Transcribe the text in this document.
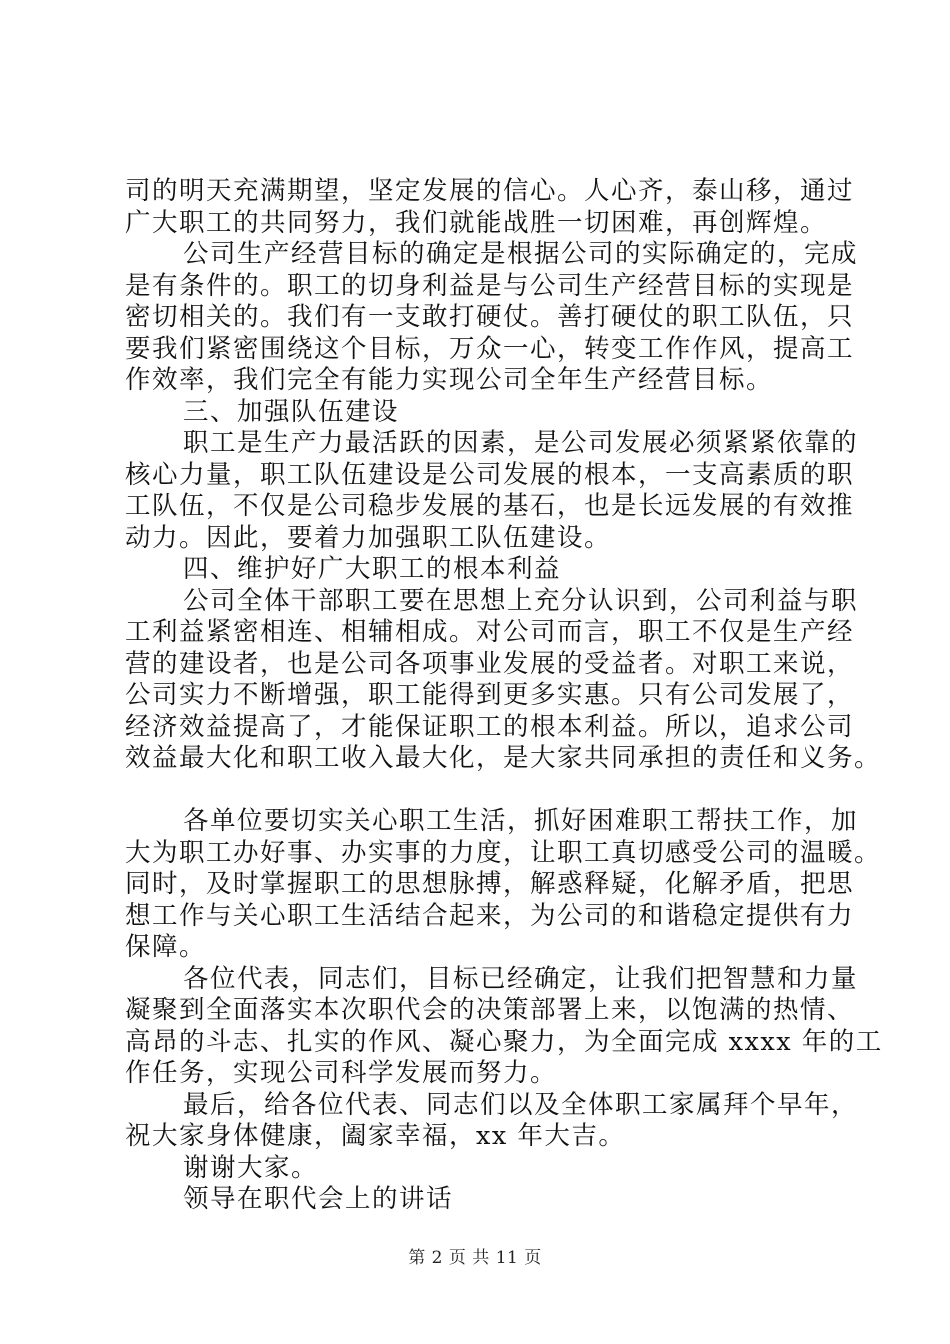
司的明天充满期望，坚定发展的信心。人心齐，泰山移，通过
广大职工的共同努力，我们就能战胜一切困难，再创辉煌。
公司生产经营目标的确定是根据公司的实际确定的，完成
是有条件的。职工的切身利益是与公司生产经营目标的实现是
密切相关的。我们有一支敢打硬仗。善打硬仗的职工队伍，只
要我们紧密围绕这个目标，万众一心，转变工作作风，提高工
作效率，我们完全有能力实现公司全年生产经营目标。
三、加强队伍建设
职工是生产力最活跃的因素，是公司发展必须紧紧依靠的
核心力量，职工队伍建设是公司发展的根本，一支高素质的职
工队伍，不仅是公司稳步发展的基石，也是长远发展的有效推
动力。因此，要着力加强职工队伍建设。
四、维护好广大职工的根本利益
公司全体干部职工要在思想上充分认识到，公司利益与职
工利益紧密相连、相辅相成。对公司而言，职工不仅是生产经
营的建设者，也是公司各项事业发展的受益者。对职工来说，
公司实力不断增强，职工能得到更多实惠。只有公司发展了，
经济效益提高了，才能保证职工的根本利益。所以，追求公司
效益最大化和职工收入最大化，是大家共同承担的责任和义务。
各单位要切实关心职工生活，抓好困难职工帮扶工作，加
大为职工办好事、办实事的力度，让职工真切感受公司的温暖。
同时，及时掌握职工的思想脉搏，解惑释疑，化解矛盾，把思
想工作与关心职工生活结合起来，为公司的和谐稳定提供有力
保障。
各位代表，同志们，目标已经确定，让我们把智慧和力量
凝聚到全面落实本次职代会的决策部署上来，以饱满的热情、
高昂的斗志、扎实的作风、凝心聚力，为全面完成 xxxx 年的工
作任务，实现公司科学发展而努力。
最后，给各位代表、同志们以及全体职工家属拜个早年，
祝大家身体健康，阖家幸福，xx 年大吉。
谢谢大家。
领导在职代会上的讲话
第 2 页 共 11 页
